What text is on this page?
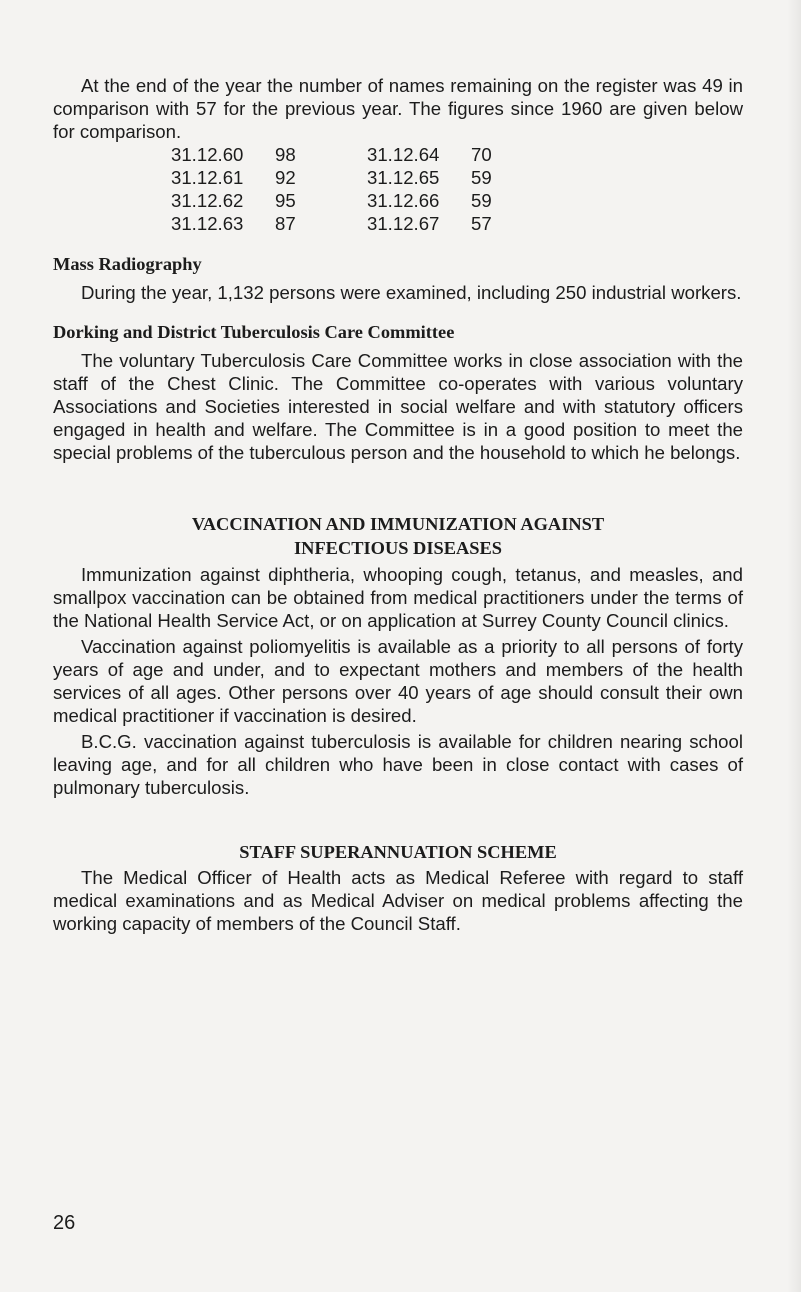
At the end of the year the number of names remaining on the register was 49 in comparison with 57 for the previous year. The figures since 1960 are given below for comparison.

31.12.60	98	31.12.64	70
31.12.61	92	31.12.65	59
31.12.62	95	31.12.66	59
31.12.63	87	31.12.67	57

Mass Radiography

During the year, 1,132 persons were examined, including 250 industrial workers.

Dorking and District Tuberculosis Care Committee

The voluntary Tuberculosis Care Committee works in close association with the staff of the Chest Clinic. The Committee co-operates with various voluntary Associations and Societies interested in social welfare and with statutory officers engaged in health and welfare. The Committee is in a good position to meet the special problems of the tuberculous person and the household to which he belongs.

VACCINATION AND IMMUNIZATION AGAINST

INFECTIOUS DISEASES

Immunization against diphtheria, whooping cough, tetanus, and measles, and smallpox vaccination can be obtained from medical practitioners under the terms of the National Health Service Act, or on application at Surrey County Council clinics.

Vaccination against poliomyelitis is available as a priority to all persons of forty years of age and under, and to expectant mothers and members of the health services of all ages. Other persons over 40 years of age should consult their own medical practitioner if vaccination is desired.

B.C.G. vaccination against tuberculosis is available for children nearing school leaving age, and for all children who have been in close contact with cases of pulmonary tuberculosis.

STAFF SUPERANNUATION SCHEME

The Medical Officer of Health acts as Medical Referee with regard to staff medical examinations and as Medical Adviser on medical problems affecting the working capacity of members of the Council Staff.

26
